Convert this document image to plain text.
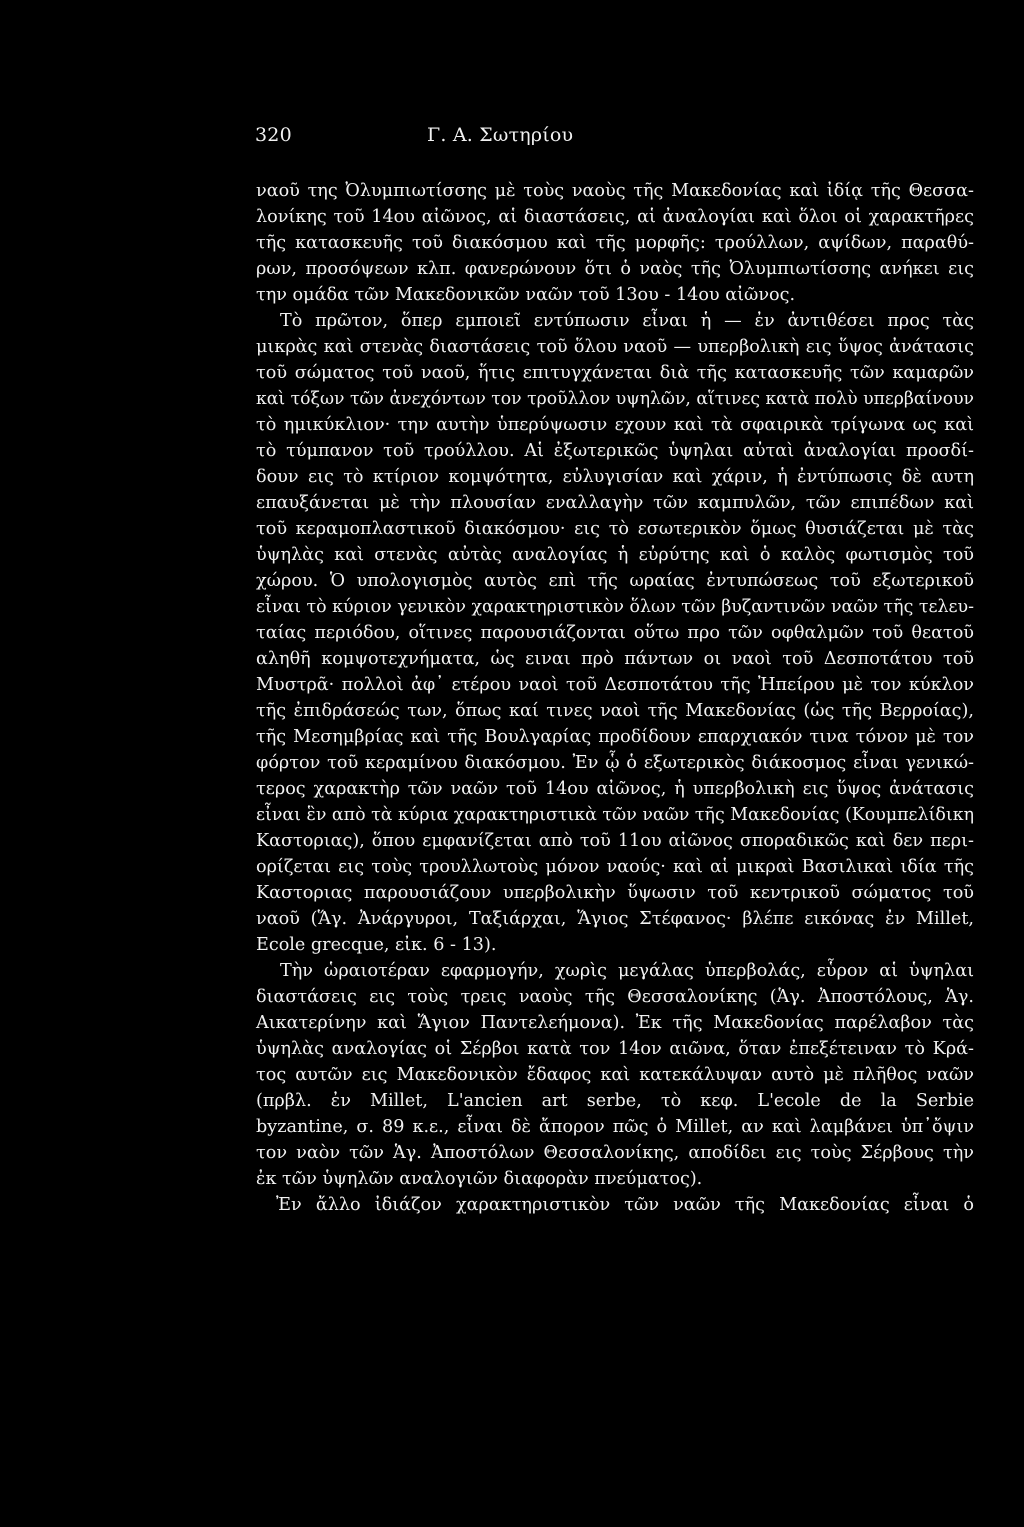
320	Γ. Α. Σωτηρίου
ναοῦ της Ὀλυμπιωτίσσης μὲ τοὺς ναοὺς τῆς Μακεδονίας καὶ ἰδίᾳ τῆς Θεσσα-
λονίκης τοῦ 14ου αἰῶνος, αἱ διαστάσεις, αἱ ἀναλογίαι καὶ ὅλοι οἱ χαρακτῆρες
τῆς κατασκευῆς τοῦ διακόσμου καὶ τῆς μορφῆς: τρούλλων, αψίδων, παραθύ-
ρων, προσόψεων κλπ. φανερώνουν ὅτι ὁ ναὸς τῆς Ὀλυμπιωτίσσης ανήκει εις
την ομάδα τῶν Μακεδονικῶν ναῶν τοῦ 13ου - 14ου αἰῶνος.
Τὸ πρῶτον, ὅπερ εμποιεῖ εντύπωσιν εἶναι ἡ — ἐν ἀντιθέσει προς τὰς
μικρὰς καὶ στενὰς διαστάσεις τοῦ ὅλου ναοῦ — υπερβολικὴ εις ὕψος ἀνάτασις
τοῦ σώματος τοῦ ναοῦ, ἥτις επιτυγχάνεται διὰ τῆς κατασκευῆς τῶν καμαρῶν
καὶ τόξων τῶν ἀνεχόντων τον τροῦλλον υψηλῶν, αἵτινες κατὰ πολὺ υπερβαίνουν
τὸ ημικύκλιον· την αυτὴν ὑπερύψωσιν εχουν καὶ τὰ σφαιρικὰ τρίγωνα ως καὶ
τὸ τύμπανον τοῦ τρούλλου. Αἱ ἐξωτερικῶς ὑψηλαι αὐταὶ ἀναλογίαι προσδί-
δουν εις τὸ κτίριον κομψότητα, εὐλυγισίαν καὶ χάριν, ἡ ἐντύπωσις δὲ αυτη
επαυξάνεται μὲ τὴν πλουσίαν εναλλαγὴν τῶν καμπυλῶν, τῶν επιπέδων καὶ
τοῦ κεραμοπλαστικοῦ διακόσμου· εις τὸ εσωτερικὸν ὅμως θυσιάζεται μὲ τὰς
ὑψηλὰς καὶ στενὰς αὐτὰς αναλογίας ἡ εὐρύτης καὶ ὁ καλὸς φωτισμὸς τοῦ
χώρου. Ὁ υπολογισμὸς αυτὸς επὶ τῆς ωραίας ἐντυπώσεως τοῦ εξωτερικοῦ
εἶναι τὸ κύριον γενικὸν χαρακτηριστικὸν ὅλων τῶν βυζαντινῶν ναῶν τῆς τελευ-
ταίας περιόδου, οἵτινες παρουσιάζονται οὕτω προ τῶν οφθαλμῶν τοῦ θεατοῦ
αληθῆ κομψοτεχνήματα, ὡς ειναι πρὸ πάντων οι ναοὶ τοῦ Δεσποτάτου τοῦ
Μυστρᾶ· πολλοὶ ἀφ᾽ ετέρου ναοὶ τοῦ Δεσποτάτου τῆς Ἠπείρου μὲ τον κύκλον
τῆς ἐπιδράσεώς των, ὅπως καί τινες ναοὶ τῆς Μακεδονίας (ὡς τῆς Βερροίας),
τῆς Μεσημβρίας καὶ τῆς Βουλγαρίας προδίδουν επαρχιακόν τινα τόνον μὲ τον
φόρτον τοῦ κεραμίνου διακόσμου. Ἐν ᾧ ὁ εξωτερικὸς διάκοσμος εἶναι γενικώ-
τερος χαρακτὴρ τῶν ναῶν τοῦ 14ου αἰῶνος, ἡ υπερβολικὴ εις ὕψος ἀνάτασις
εἶναι ἓν απὸ τὰ κύρια χαρακτηριστικὰ τῶν ναῶν τῆς Μακεδονίας (Κουμπελίδικη
Καστοριας), ὅπου εμφανίζεται απὸ τοῦ 11ου αἰῶνος σποραδικῶς καὶ δεν περι-
ορίζεται εις τοὺς τρουλλωτοὺς μόνον ναούς· καὶ αἱ μικραὶ Βασιλικαὶ ιδία τῆς
Καστοριας παρουσιάζουν υπερβολικὴν ὕψωσιν τοῦ κεντρικοῦ σώματος τοῦ
ναοῦ (Ἅγ. Ἀνάργυροι, Ταξιάρχαι, Ἅγιος Στέφανος· βλέπε εικόνας ἐν Millet,
Ecole grecque, εἰκ. 6 - 13).
Τὴν ὡραιοτέραν εφαρμογήν, χωρὶς μεγάλας ὑπερβολάς, εὗρον αἱ ὑψηλαι
διαστάσεις εις τοὺς τρεις ναοὺς τῆς Θεσσαλονίκης (Ἁγ. Ἀποστόλους, Ἁγ.
Αικατερίνην καὶ Ἅγιον Παντελεήμονα). Ἐκ τῆς Μακεδονίας παρέλαβον τὰς
ὑψηλὰς αναλογίας οἱ Σέρβοι κατὰ τον 14ον αιῶνα, ὅταν ἐπεξέτειναν τὸ Κρά-
τος αυτῶν εις Μακεδονικὸν ἔδαφος καὶ κατεκάλυψαν αυτὸ μὲ πλῆθος ναῶν
(πρβλ. ἐν Millet, L'ancien art serbe, τὸ κεφ. L'ecole de la Serbie
byzantine, σ. 89 κ.ε., εἶναι δὲ ἄπορον πῶς ὁ Millet, αν καὶ λαμβάνει ὑπ᾽ὄψιν
τον ναὸν τῶν Ἁγ. Ἀποστόλων Θεσσαλονίκης, αποδίδει εις τοὺς Σέρβους τὴν
ἐκ τῶν ὑψηλῶν αναλογιῶν διαφορὰν πνεύματος).
Ἐν ἄλλο ἰδιάζον χαρακτηριστικὸν τῶν ναῶν τῆς Μακεδονίας εἶναι ὁ
